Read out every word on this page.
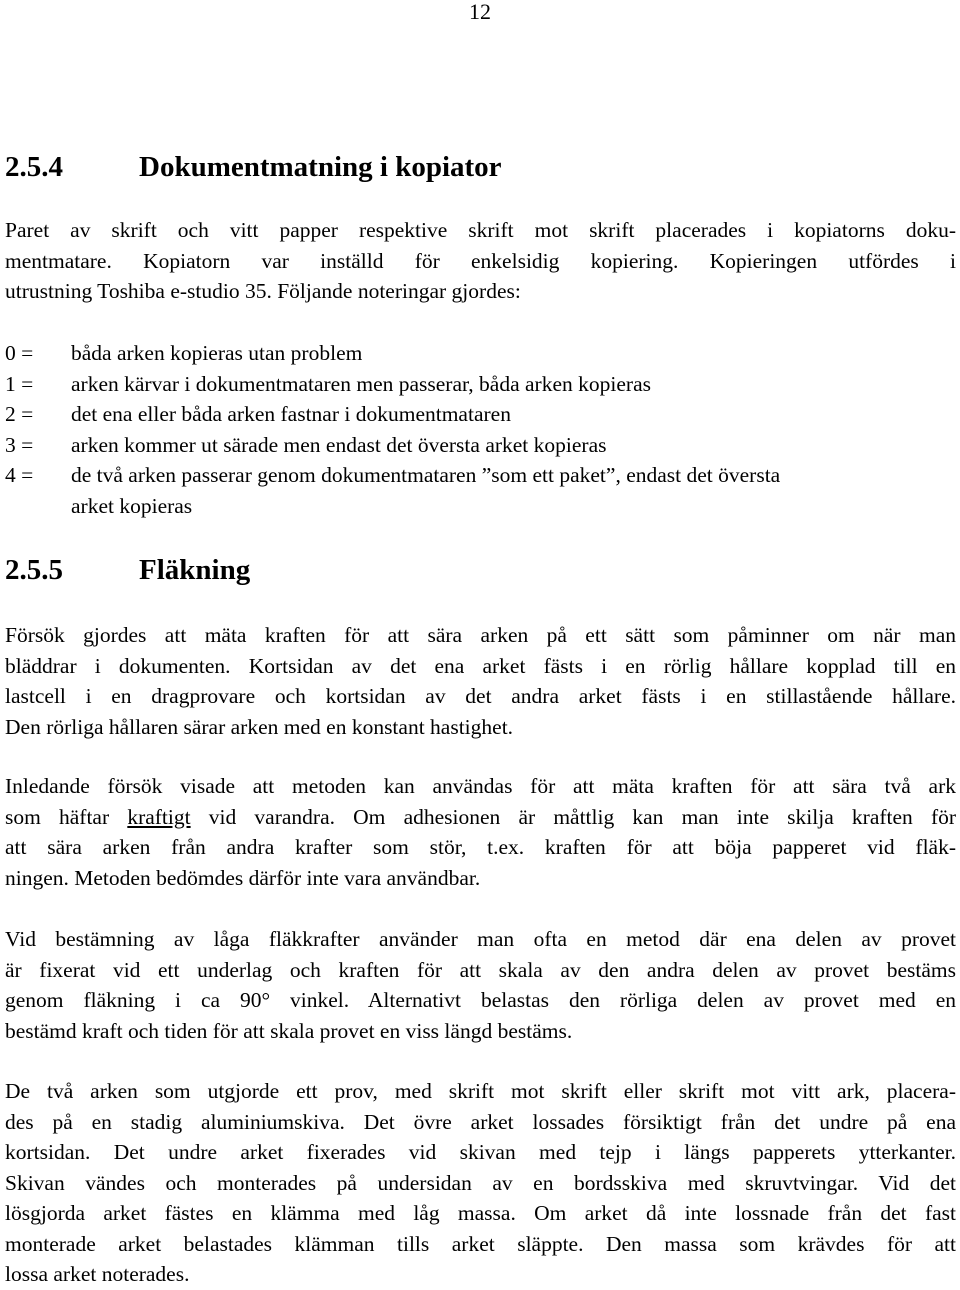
12
2.5.4	Dokumentmatning i kopiator
Paret av skrift och vitt papper respektive skrift mot skrift placerades i kopiatorns doku-
mentmatare. Kopiatorn var inställd för enkelsidig kopiering. Kopieringen utfördes i
utrustning Toshiba e-studio 35. Följande noteringar gjordes:
0 =	båda arken kopieras utan problem
1 =	arken kärvar i dokumentmataren men passerar, båda arken kopieras
2 =	det ena eller båda arken fastnar i dokumentmataren
3 =	arken kommer ut särade men endast det översta arket kopieras
4 =	de två arken passerar genom dokumentmataren ”som ett paket”, endast det översta
arket kopieras
2.5.5	Fläkning
Försök gjordes att mäta kraften för att sära arken på ett sätt som påminner om när man
bläddrar i dokumenten. Kortsidan av det ena arket fästs i en rörlig hållare kopplad till en
lastcell i en dragprovare och kortsidan av det andra arket fästs i en stillastående hållare.
Den rörliga hållaren särar arken med en konstant hastighet.
Inledande försök visade att metoden kan användas för att mäta kraften för att sära två ark
som häftar kraftigt vid varandra. Om adhesionen är måttlig kan man inte skilja kraften för
att sära arken från andra krafter som stör, t.ex. kraften för att böja papperet vid fläk-
ningen. Metoden bedömdes därför inte vara användbar.
Vid bestämning av låga fläkkrafter använder man ofta en metod där ena delen av provet
är fixerat vid ett underlag och kraften för att skala av den andra delen av provet bestäms
genom fläkning i ca 90° vinkel. Alternativt belastas den rörliga delen av provet med en
bestämd kraft och tiden för att skala provet en viss längd bestäms.
De två arken som utgjorde ett prov, med skrift mot skrift eller skrift mot vitt ark, placera-
des på en stadig aluminiumskiva. Det övre arket lossades försiktigt från det undre på ena
kortsidan. Det undre arket fixerades vid skivan med tejp i längs papperets ytterkanter.
Skivan vändes och monterades på undersidan av en bordsskiva med skruvtvingar. Vid det
lösgjorda arket fästes en klämma med låg massa. Om arket då inte lossnade från det fast
monterade arket belastades klämman tills arket släppte. Den massa som krävdes för att
lossa arket noterades.
